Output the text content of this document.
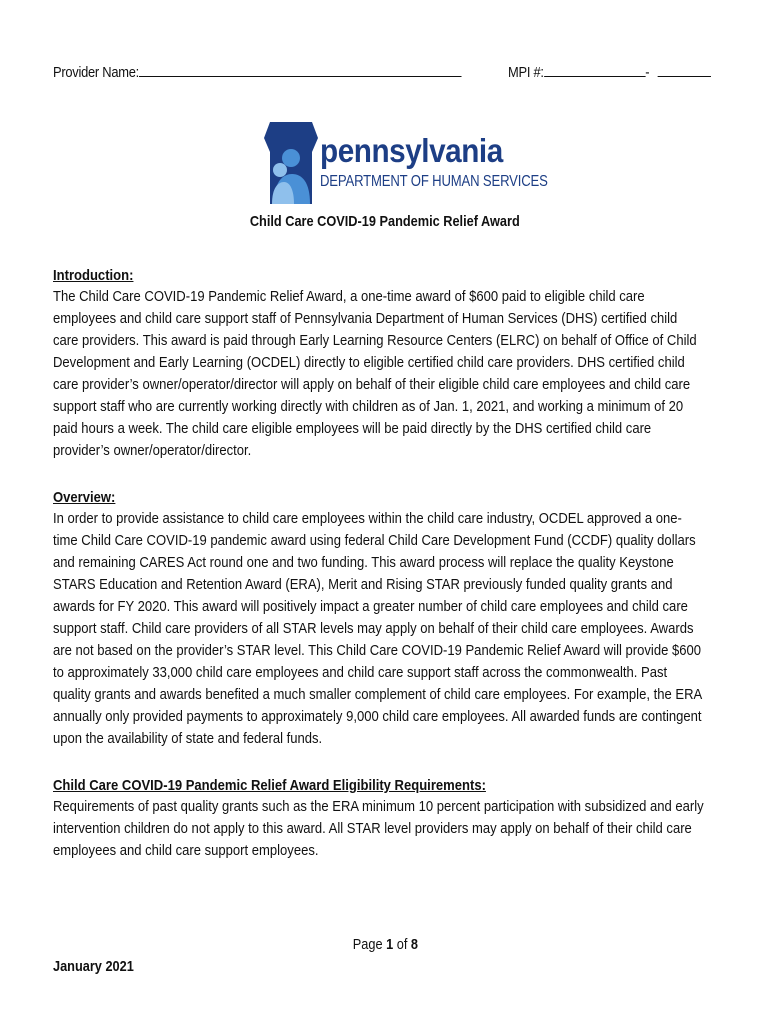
Provider Name:	MPI #:	-
pennsylvania
DEPARTMENT OF HUMAN SERVICES
Child Care COVID-19 Pandemic Relief Award
Introduction:
The Child Care COVID-19 Pandemic Relief Award, a one-time award of $600 paid to eligible child care employees and child care support staff of Pennsylvania Department of Human Services (DHS) certified child care providers. This award is paid through Early Learning Resource Centers (ELRC) on behalf of Office of Child Development and Early Learning (OCDEL) directly to eligible certified child care providers. DHS certified child care provider’s owner/operator/director will apply on behalf of their eligible child care employees and child care support staff who are currently working directly with children as of Jan. 1, 2021, and working a minimum of 20 paid hours a week. The child care eligible employees will be paid directly by the DHS certified child care provider’s owner/operator/director.
Overview:
In order to provide assistance to child care employees within the child care industry, OCDEL approved a one-time Child Care COVID-19 pandemic award using federal Child Care Development Fund (CCDF) quality dollars and remaining CARES Act round one and two funding. This award process will replace the quality Keystone STARS Education and Retention Award (ERA), Merit and Rising STAR previously funded quality grants and awards for FY 2020. This award will positively impact a greater number of child care employees and child care support staff. Child care providers of all STAR levels may apply on behalf of their child care employees. Awards are not based on the provider’s STAR level. This Child Care COVID-19 Pandemic Relief Award will provide $600 to approximately 33,000 child care employees and child care support staff across the commonwealth. Past quality grants and awards benefited a much smaller complement of child care employees. For example, the ERA annually only provided payments to approximately 9,000 child care employees. All awarded funds are contingent upon the availability of state and federal funds.
Child Care COVID-19 Pandemic Relief Award Eligibility Requirements:
Requirements of past quality grants such as the ERA minimum 10 percent participation with subsidized and early intervention children do not apply to this award. All STAR level providers may apply on behalf of their child care employees and child care support employees.
Page 1 of 8
January 2021
